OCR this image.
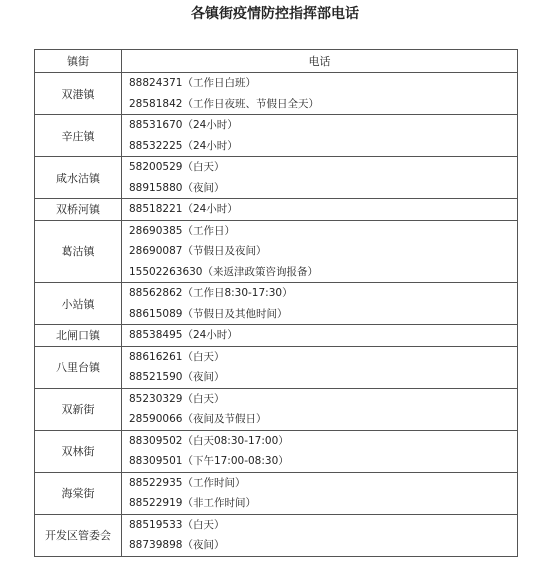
各镇街疫情防控指挥部电话
镇街	电话
双港镇	88824371（工作日白班）
28581842（工作日夜班、节假日全天）

辛庄镇	88531670（24小时）
88532225（24小时）

咸水沽镇	58200529（白天）
88915880（夜间）

双桥河镇	88518221（24小时）

葛沽镇	28690385（工作日）
28690087（节假日及夜间）
15502263630（来返津政策咨询报备）

小站镇	88562862（工作日8:30-17:30）
88615089（节假日及其他时间）

北闸口镇	88538495（24小时）

八里台镇	88616261（白天）
88521590（夜间）

双新街	85230329（白天）
28590066（夜间及节假日）

双林街	88309502（白天08:30-17:00）
88309501（下午17:00-08:30）

海棠街	88522935（工作时间）
88522919（非工作时间）

开发区管委会	88519533（白天）
88739898（夜间）
